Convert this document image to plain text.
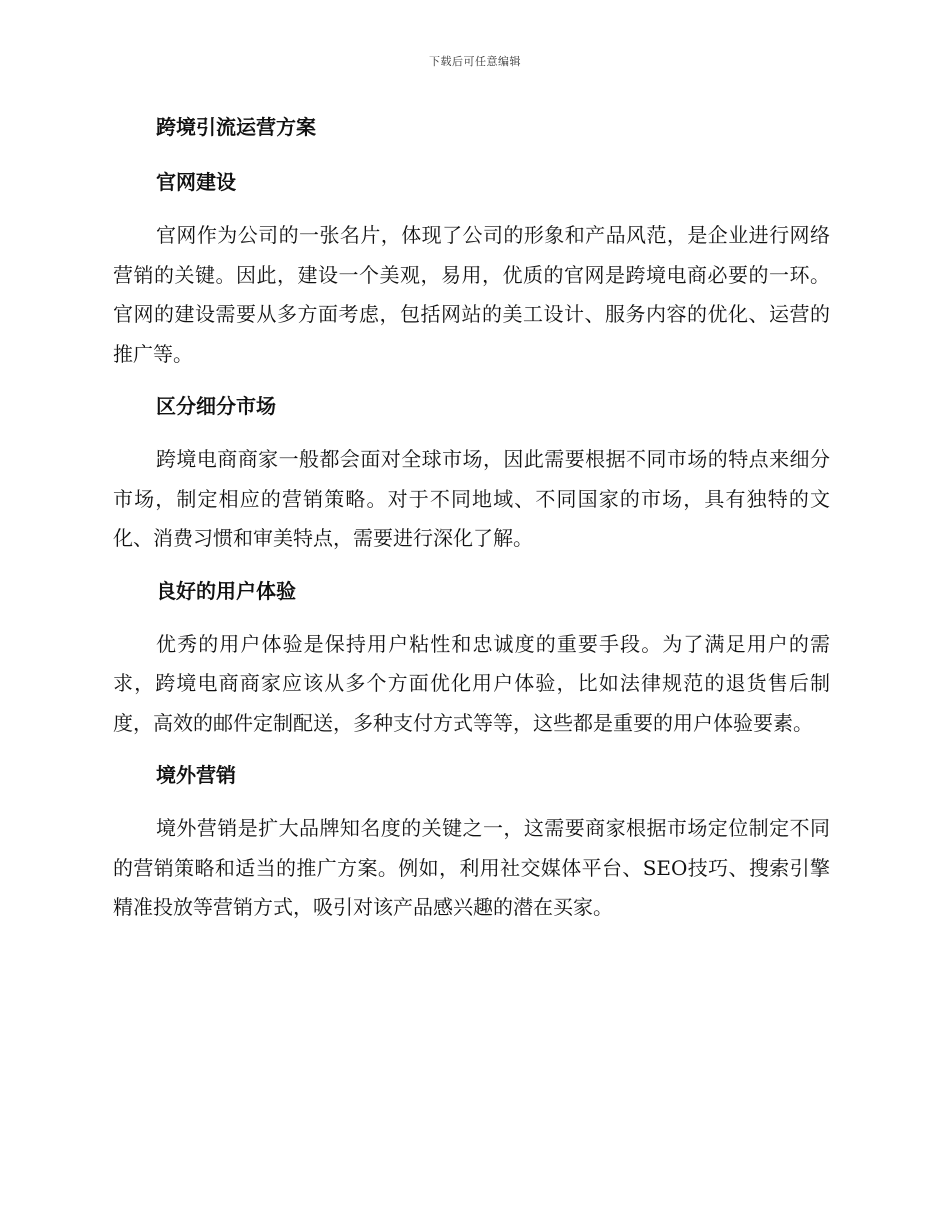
下载后可任意编辑
跨境引流运营方案
官网建设

官网作为公司的一张名片，体现了公司的形象和产品风范，是企业进行网络营销的关键。因此，建设一个美观，易用，优质的官网是跨境电商必要的一环。官网的建设需要从多方面考虑，包括网站的美工设计、服务内容的优化、运营的推广等。

区分细分市场

跨境电商商家一般都会面对全球市场，因此需要根据不同市场的特点来细分市场，制定相应的营销策略。对于不同地域、不同国家的市场，具有独特的文化、消费习惯和审美特点，需要进行深化了解。

良好的用户体验

优秀的用户体验是保持用户粘性和忠诚度的重要手段。为了满足用户的需求，跨境电商商家应该从多个方面优化用户体验，比如法律规范的退货售后制度，高效的邮件定制配送，多种支付方式等等，这些都是重要的用户体验要素。

境外营销

境外营销是扩大品牌知名度的关键之一，这需要商家根据市场定位制定不同的营销策略和适当的推广方案。例如，利用社交媒体平台、SEO技巧、搜索引擎精准投放等营销方式，吸引对该产品感兴趣的潜在买家。
